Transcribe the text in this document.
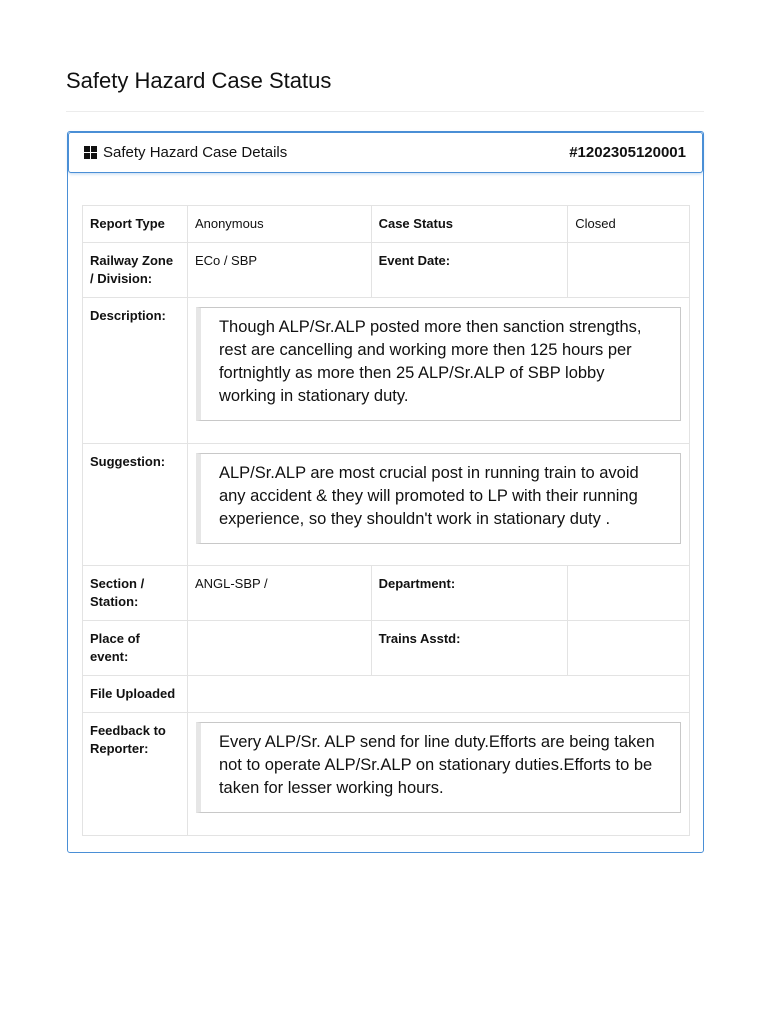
Safety Hazard Case Status
Safety Hazard Case Details	#1202305120001
Report Type	Anonymous	Case Status	Closed
Railway Zone / Division:	ECo / SBP	Event Date:	
Description:	Though ALP/Sr.ALP posted more then sanction strengths, rest are cancelling and working more then 125 hours per fortnightly as more then 25 ALP/Sr.ALP of SBP lobby working in stationary duty.		

Suggestion:	ALP/Sr.ALP are most crucial post in running train to avoid any accident & they will promoted to LP with their running experience, so they shouldn't work in stationary duty .		

Section / Station:	ANGL-SBP /	Department:	
Place of event:		Trains Asstd:	
File Uploaded			
Feedback to Reporter:	Every ALP/Sr. ALP send for line duty.Efforts are being taken not to operate ALP/Sr.ALP on stationary duties.Efforts to be taken for lesser working hours.		
